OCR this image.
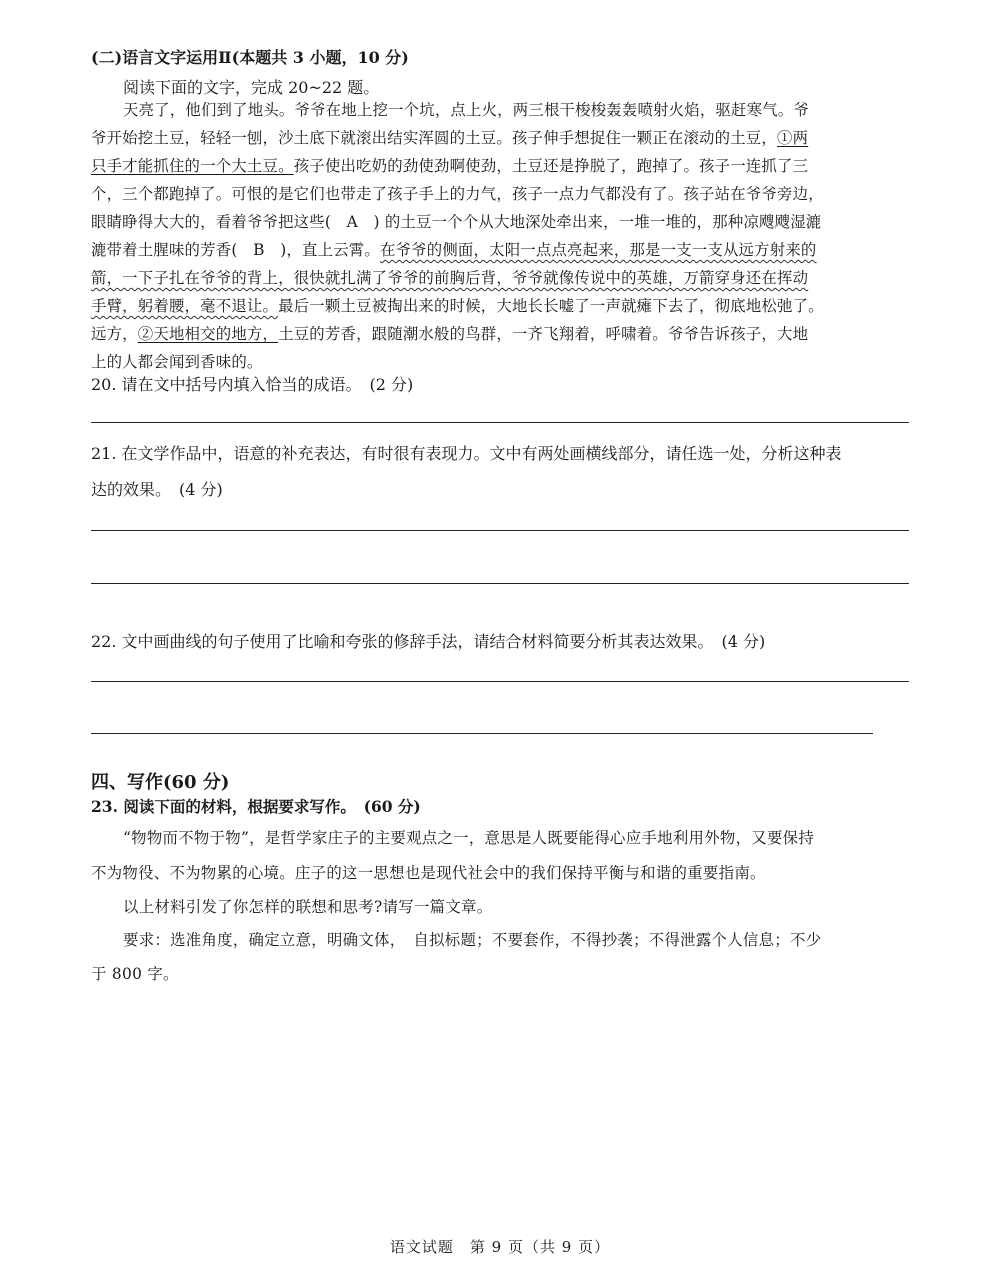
(二)语言文字运用Ⅱ(本题共 3 小题，10 分)
阅读下面的文字，完成 20~22 题。
天亮了，他们到了地头。爷爷在地上挖一个坑，点上火，两三根干梭梭轰轰喷射火焰，驱赶寒气。爷
爷开始挖土豆，轻轻一刨，沙土底下就滚出结实浑圆的土豆。孩子伸手想捉住一颗正在滚动的土豆，①两
只手才能抓住的一个大土豆。孩子使出吃奶的劲使劲啊使劲，土豆还是挣脱了，跑掉了。孩子一连抓了三
个，三个都跑掉了。可恨的是它们也带走了孩子手上的力气，孩子一点力气都没有了。孩子站在爷爷旁边，
眼睛睁得大大的，看着爷爷把这些(　A　) 的土豆一个个从大地深处牵出来，一堆一堆的，那种凉飕飕湿漉
漉带着土腥味的芳香(　B　)，直上云霄。在爷爷的侧面，太阳一点点亮起来，那是一支一支从远方射来的
箭，一下子扎在爷爷的背上，很快就扎满了爷爷的前胸后背，爷爷就像传说中的英雄，万箭穿身还在挥动
手臂，躬着腰，毫不退让。最后一颗土豆被掏出来的时候，大地长长嘘了一声就瘫下去了，彻底地松弛了。
远方，②天地相交的地方，土豆的芳香，跟随潮水般的鸟群，一齐飞翔着，呼啸着。爷爷告诉孩子，大地
上的人都会闻到香味的。
20. 请在文中括号内填入恰当的成语。　(2 分)
21. 在文学作品中，语意的补充表达，有时很有表现力。文中有两处画横线部分，请任选一处，分析这种表
达的效果。　(4 分)
22. 文中画曲线的句子使用了比喻和夸张的修辞手法，请结合材料简要分析其表达效果。　(4 分)
四、写作(60 分)
23. 阅读下面的材料，根据要求写作。　(60 分)
“物物而不物于物”，是哲学家庄子的主要观点之一，意思是人既要能得心应手地利用外物，又要保持
不为物役、不为物累的心境。庄子的这一思想也是现代社会中的我们保持平衡与和谐的重要指南。
以上材料引发了你怎样的联想和思考?请写一篇文章。
要求：选准角度，确定立意，明确文体，　自拟标题；不要套作，不得抄袭；不得泄露个人信息；不少
于 800 字。
语文试题　第 9 页（共 9 页）
